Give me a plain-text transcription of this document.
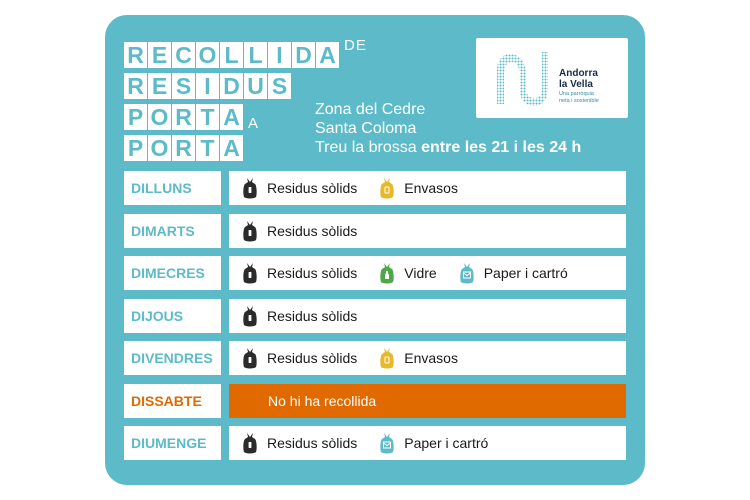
R E C O L L I D A DE
R E S I D U S
P O R T A A
P O R T A
Zona del Cedre
Santa Coloma
Treu la brossa entre les 21 i les 24 h
Andorra
la Vella
Una parròquia
neta i sostenible
DILLUNS	Residus sòlids	Envasos
DIMARTS	Residus sòlids
DIMECRES	Residus sòlids	Vidre	Paper i cartró
DIJOUS	Residus sòlids
DIVENDRES	Residus sòlids	Envasos
DISSABTE	No hi ha recollida
DIUMENGE	Residus sòlids	Paper i cartró
